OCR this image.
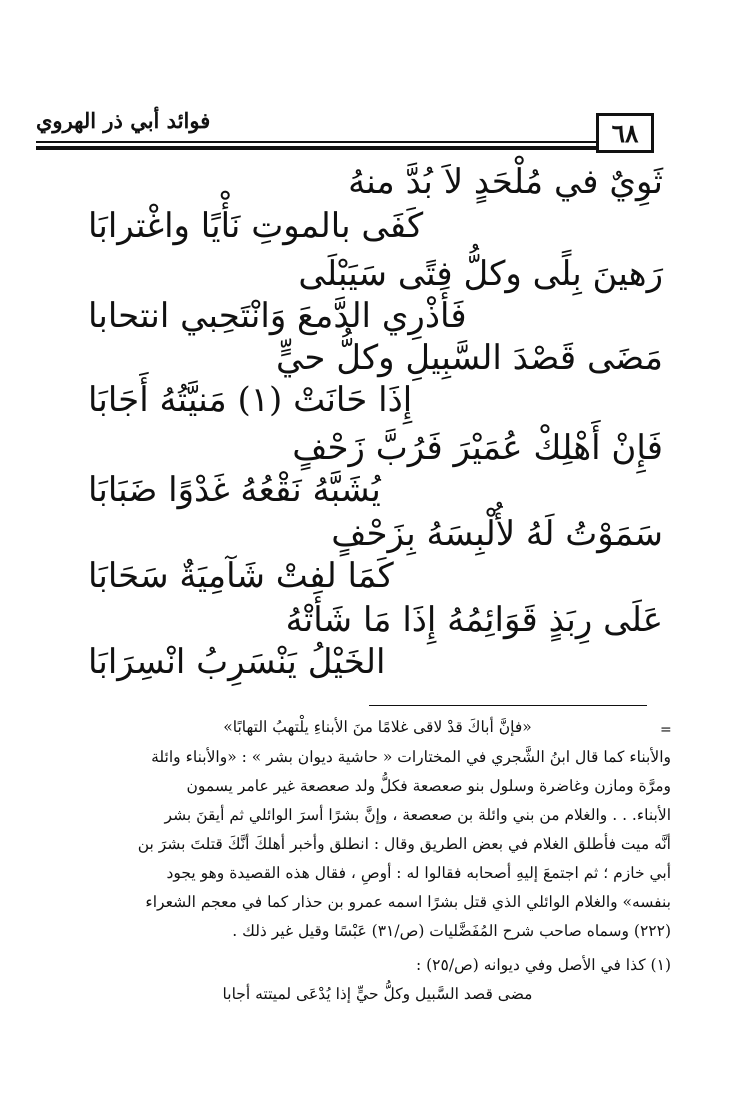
فوائد أبي ذر الهروي	٦٨
ثَوِيٌ في مُلْحَدٍ لاَ بُدَّ منهُ
كَفَى بالموتِ نَأْيًا واغْترابَا
رَهينَ بِلًى وكلُّ فتًى سَيَبْلَى
فَأَذْرِي الدَّمعَ وَانْتَحِبي انتحابا
مَضَى قَصْدَ السَّبِيلِ وكلُّ حيٍّ
إِذَا حَانَتْ (١) مَنيَّتُهُ أَجَابَا
فَإِنْ أَهْلِكْ عُمَيْرَ فَرُبَّ زَحْفٍ
يُشَبَّهُ نَقْعُهُ غَدْوًا ضَبَابَا
سَمَوْتُ لَهُ لأُلْبِسَهُ بِزَحْفٍ
كَمَا لفتْ شَآمِيَةٌ سَحَابَا
عَلَى رِبَذٍ قَوَائِمُهُ إِذَا مَا شَأَتْهُ
الخَيْلُ يَنْسَرِبُ انْسِرَابَا
=
«فإنَّ أباكَ قدْ لاقى غلامًا منَ الأبناءِ يلْتهبُ التهابًا»
والأبناء كما قال ابنُ الشَّجري في المختارات « حاشية ديوان بشر » : «والأبناء وائلة
ومرَّة ومازن وغاضرة وسلول بنو صعصعة فكلُّ ولد صعصعة غير عامر يسمون
الأبناء. . . والغلام من بني وائلة بن صعصعة ، وإنَّ بشرًا أسرَ الوائلي ثم أيقنَ بشر
أنَّه ميت فأطلق الغلام في بعض الطريق وقال : انطلق وأخبر أهلكَ أنَّكَ قتلتَ بشرَ بن
أبي خازم ؛ ثم اجتمعَ إليهِ أصحابه فقالوا له : أوصِ ، فقال هذه القصيدة وهو يجود
بنفسه» والغلام الوائلي الذي قتل بشرًا اسمه عمرو بن حذار كما في معجم الشعراء
(٢٢٢) وسماه صاحب شرح المُفَضَّليات (ص/٣١) عَبْسًا وقيل غير ذلك .
(١) كذا في الأصل وفي ديوانه (ص/٢٥) :
مضى قصد السَّبيل وكلُّ حيٍّ إذا يُدْعَى لميتته أجابا
